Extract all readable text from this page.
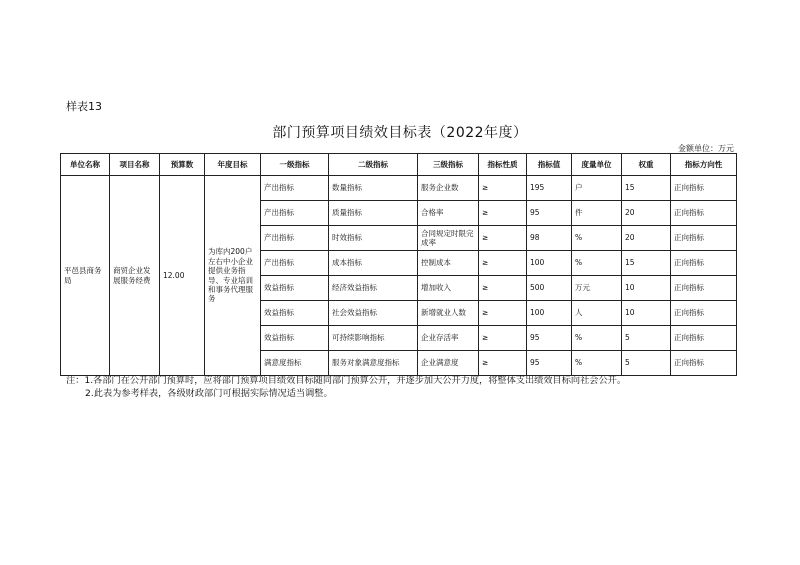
样表13
部门预算项目绩效目标表（2022年度）
金额单位：万元
单位名称	项目名称	预算数	年度目标	一级指标	二级指标	三级指标	指标性质	指标值	度量单位	权重	指标方向性
平邑县商务局	商贸企业发展服务经费	12.00	为库内200户左右中小企业提供业务指导、专业培训和事务代理服务	产出指标	数量指标	服务企业数	≥	195	户	15	正向指标
				产出指标	质量指标	合格率	≥	95	件	20	正向指标
				产出指标	时效指标	合同规定时限完成率	≥	98	%	20	正向指标
				产出指标	成本指标	控制成本	≥	100	%	15	正向指标
				效益指标	经济效益指标	增加收入	≥	500	万元	10	正向指标
				效益指标	社会效益指标	新增就业人数	≥	100	人	10	正向指标
				效益指标	可持续影响指标	企业存活率	≥	95	%	5	正向指标
				满意度指标	服务对象满意度指标	企业满意度	≥	95	%	5	正向指标
注：1.各部门在公开部门预算时，应将部门预算项目绩效目标随同部门预算公开，并逐步加大公开力度，将整体支出绩效目标向社会公开。
2.此表为参考样表，各级财政部门可根据实际情况适当调整。
